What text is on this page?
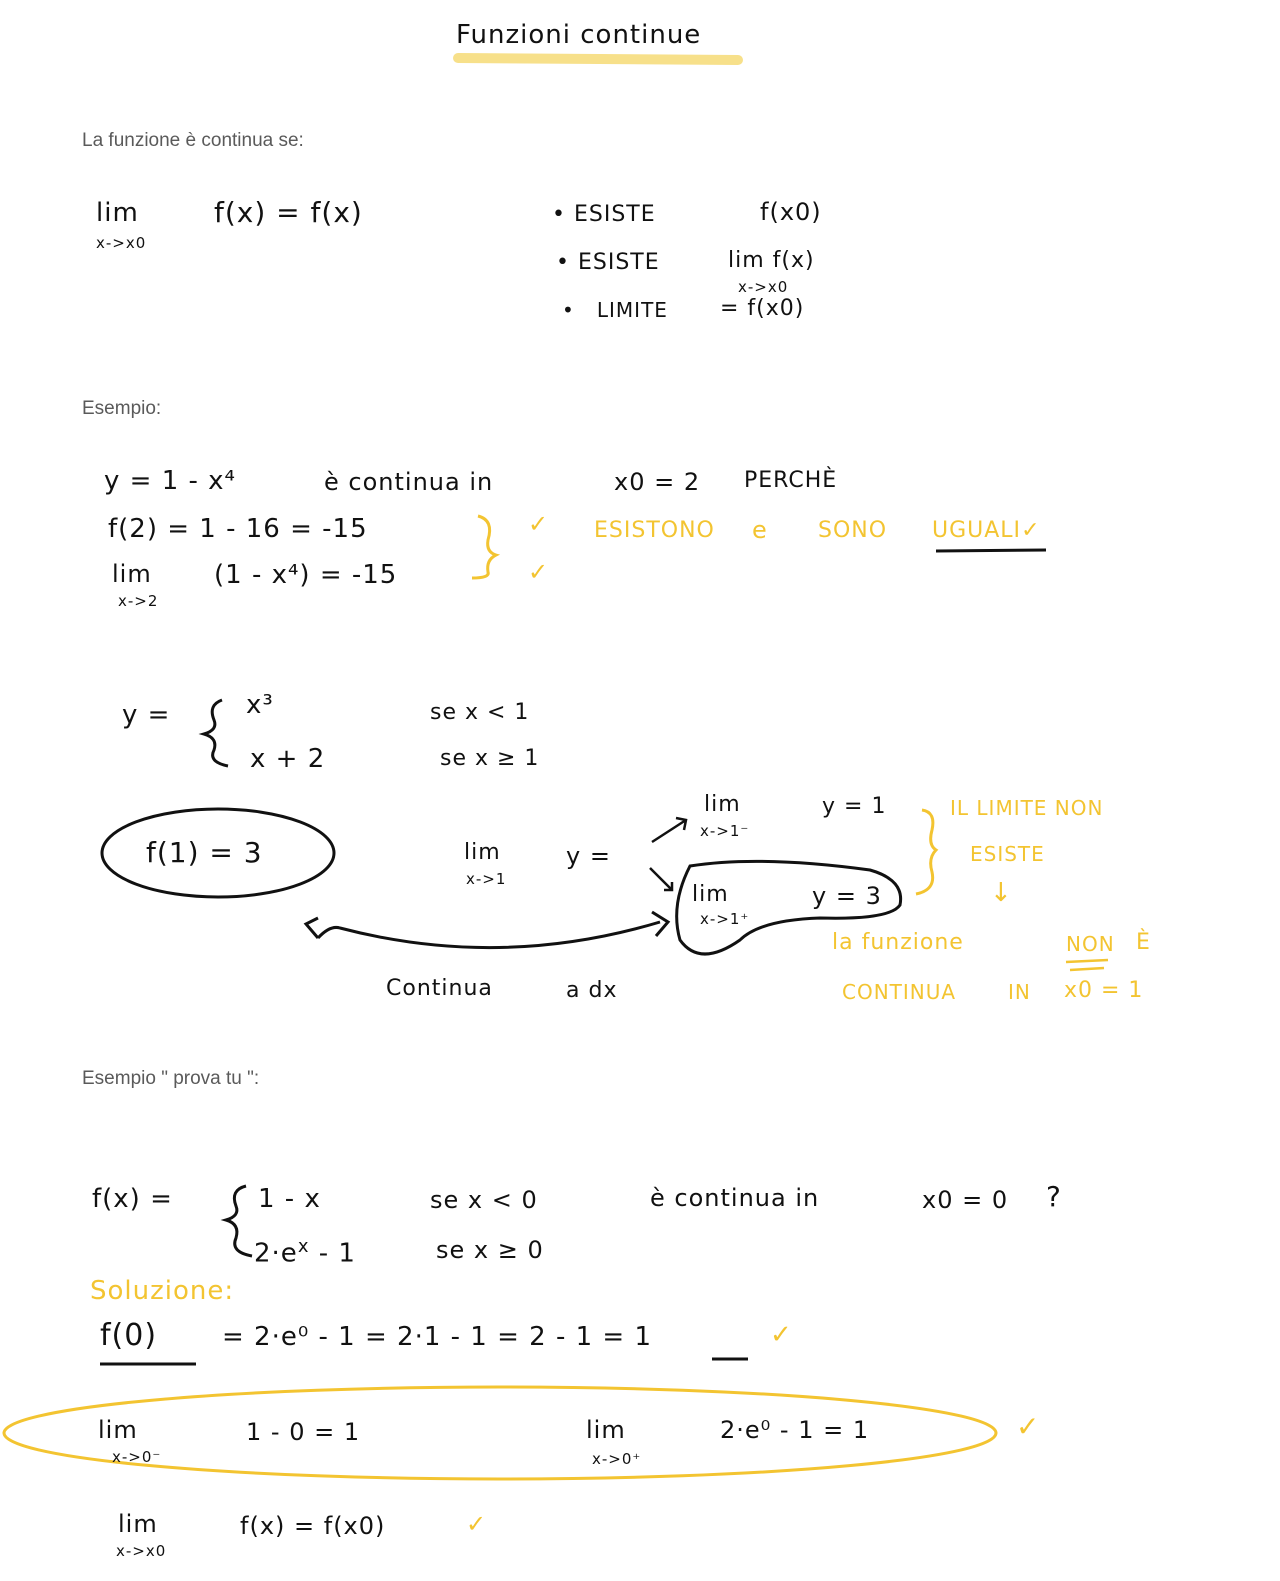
Funzioni continue
La funzione è continua se:
lim
x->x0
f(x) = f(x)	• ESISTE	f(x0)
• ESISTE	lim f(x)
x->x0
•   LIMITE = f(x0)
Esempio:
y = 1 - x⁴	è continua in	x0 = 2 PERCHÈ
f(2) = 1 - 16 = -15
lim
x->2
(1 - x⁴) = -15
✓
✓
ESISTONO e SONO UGUALI✓
y =	x³	se x < 1
x + 2	se x ≥ 1
f(1) = 3	lim
x->1
y =
lim
x->1⁻
y = 1
lim
x->1⁺
y = 3
IL LIMITE NON
ESISTE
↓
la funzione	NON È
CONTINUA	IN x0 = 1
Continua	a dx
Esempio " prova tu ":
f(x) =	1 - x	se x < 0
$2\cdot e^x - 1$	se x ≥ 0
è continua in	x0 = 0 ?
Soluzione:
f(0) = 2·e⁰ - 1 = 2·1 - 1 = 2 - 1 = 1	✓
lim
x->0⁻
1 - 0 = 1	lim
x->0⁺
2·e⁰ - 1 = 1	✓
lim
x->x0
f(x) = f(x0)	✓
